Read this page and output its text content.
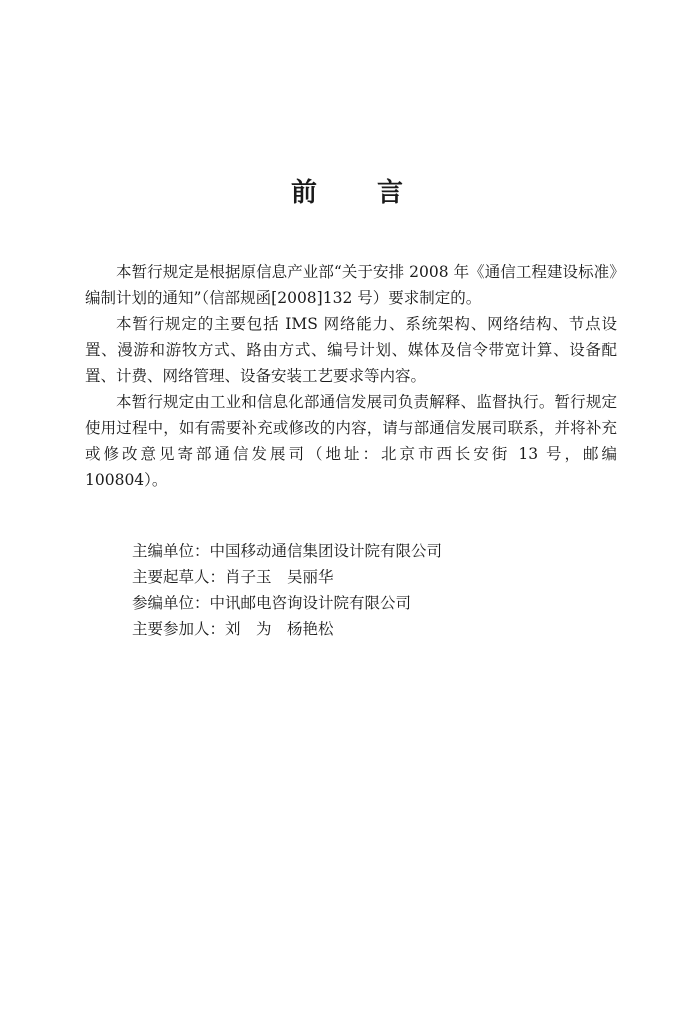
前 言

本暂行规定是根据原信息产业部“关于安排 2008 年《通信工程建设标准》编制计划的通知”（信部规函[2008]132 号）要求制定的。

本暂行规定的主要包括 IMS 网络能力、系统架构、网络结构、节点设置、漫游和游牧方式、路由方式、编号计划、媒体及信令带宽计算、设备配置、计费、网络管理、设备安装工艺要求等内容。

本暂行规定由工业和信息化部通信发展司负责解释、监督执行。暂行规定使用过程中，如有需要补充或修改的内容，请与部通信发展司联系，并将补充或修改意见寄部通信发展司（地址：北京市西长安街 13 号，邮编 100804）。

主编单位：中国移动通信集团设计院有限公司
主要起草人：肖子玉　吴丽华
参编单位：中讯邮电咨询设计院有限公司
主要参加人：刘　为　杨艳松
